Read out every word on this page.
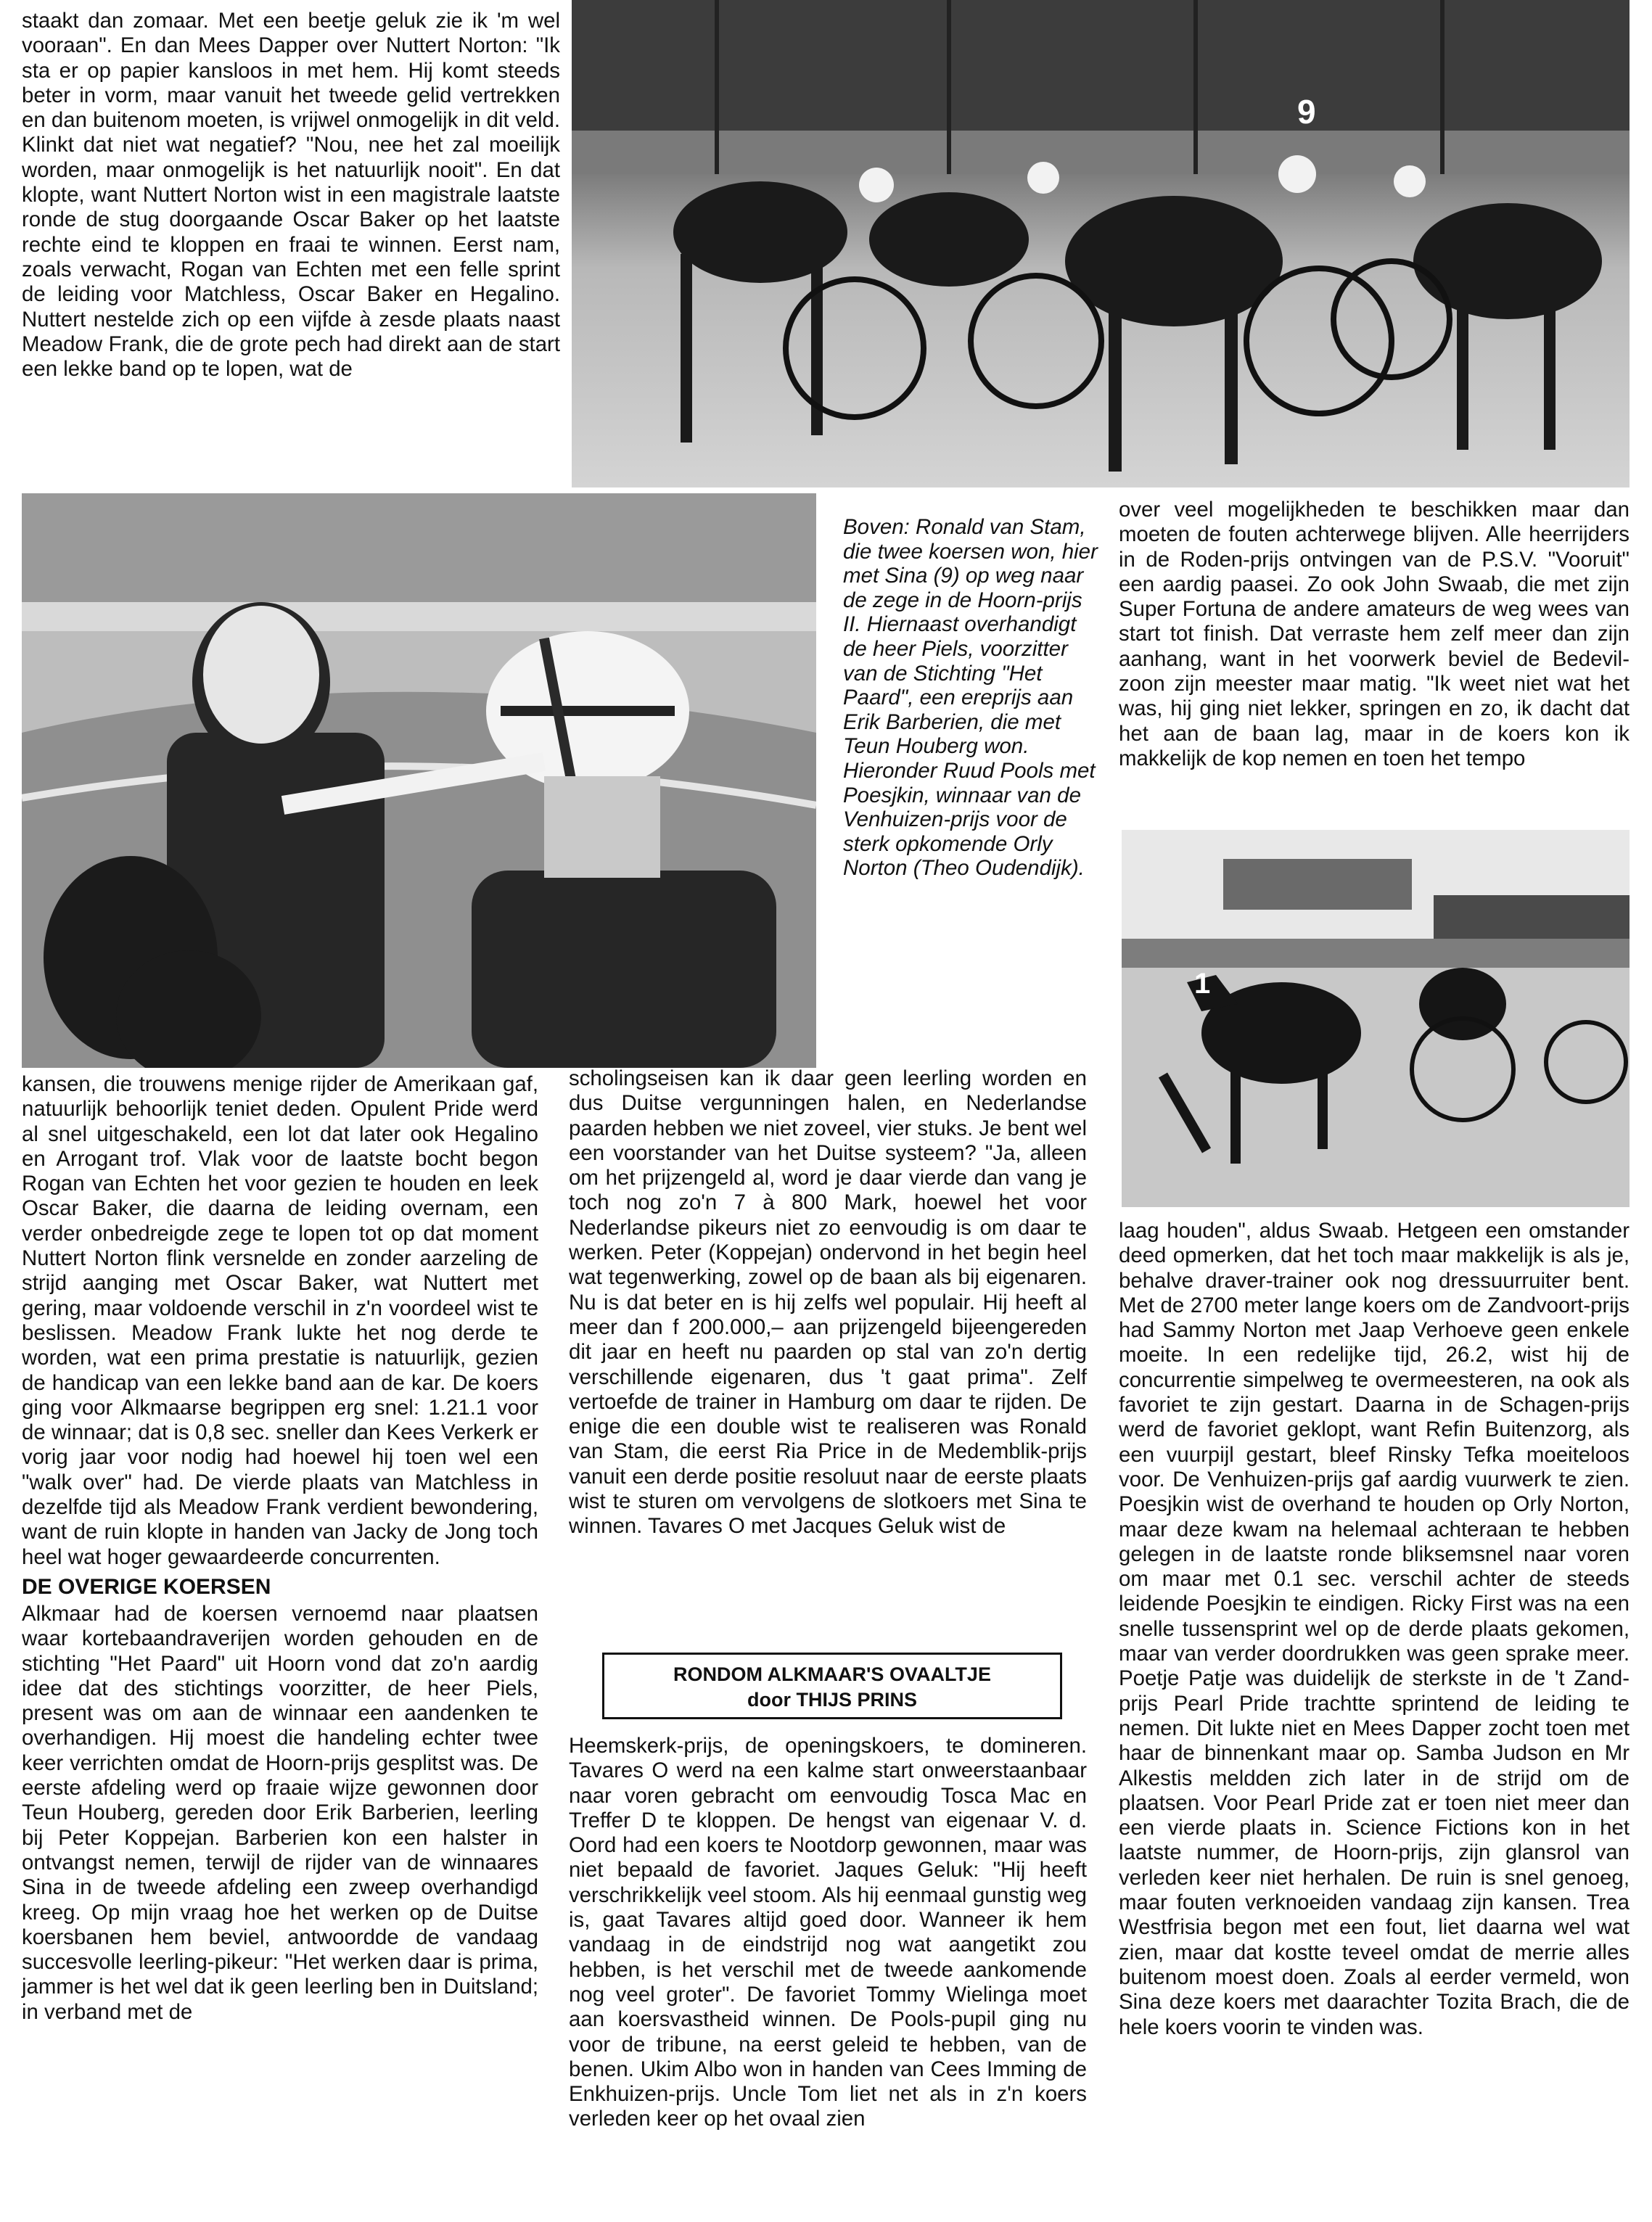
staakt dan zomaar. Met een beetje geluk zie ik 'm wel vooraan". En dan Mees Dapper over Nuttert Norton: "Ik sta er op papier kansloos in met hem. Hij komt steeds beter in vorm, maar vanuit het tweede gelid vertrekken en dan buitenom moeten, is vrijwel onmogelijk in dit veld. Klinkt dat niet wat negatief? "Nou, nee het zal moeilijk worden, maar onmogelijk is het natuurlijk nooit". En dat klopte, want Nuttert Norton wist in een magistrale laatste ronde de stug doorgaande Oscar Baker op het laatste rechte eind te kloppen en fraai te winnen. Eerst nam, zoals verwacht, Rogan van Echten met een felle sprint de leiding voor Matchless, Oscar Baker en Hegalino. Nuttert nestelde zich op een vijfde à zesde plaats naast Meadow Frank, die de grote pech had direkt aan de start een lekke band op te lopen, wat de

9

Boven: Ronald van Stam, die twee koersen won, hier met Sina (9) op weg naar de zege in de Hoorn-prijs II. Hiernaast overhandigt de heer Piels, voorzitter van de Stichting "Het Paard", een ereprijs aan Erik Barberien, die met Teun Houberg won. Hieronder Ruud Pools met Poesjkin, winnaar van de Venhuizen-prijs voor de sterk opkomende Orly Norton (Theo Oudendijk).

over veel mogelijkheden te beschikken maar dan moeten de fouten achterwege blijven. Alle heerrijders in de Roden-prijs ontvingen van de P.S.V. "Vooruit" een aardig paasei. Zo ook John Swaab, die met zijn Super Fortuna de andere amateurs de weg wees van start tot finish. Dat verraste hem zelf meer dan zijn aanhang, want in het voorwerk beviel de Bedevil-zoon zijn meester maar matig. "Ik weet niet wat het was, hij ging niet lekker, springen en zo, ik dacht dat het aan de baan lag, maar in de koers kon ik makkelijk de kop nemen en toen het tempo

1

kansen, die trouwens menige rijder de Amerikaan gaf, natuurlijk behoorlijk teniet deden. Opulent Pride werd al snel uitgeschakeld, een lot dat later ook Hegalino en Arrogant trof. Vlak voor de laatste bocht begon Rogan van Echten het voor gezien te houden en leek Oscar Baker, die daarna de leiding overnam, een verder onbedreigde zege te lopen tot op dat moment Nuttert Norton flink versnelde en zonder aarzeling de strijd aanging met Oscar Baker, wat Nuttert met gering, maar voldoende verschil in z'n voordeel wist te beslissen. Meadow Frank lukte het nog derde te worden, wat een prima prestatie is natuurlijk, gezien de handicap van een lekke band aan de kar. De koers ging voor Alkmaarse begrippen erg snel: 1.21.1 voor de winnaar; dat is 0,8 sec. sneller dan Kees Verkerk er vorig jaar voor nodig had hoewel hij toen wel een "walk over" had. De vierde plaats van Matchless in dezelfde tijd als Meadow Frank verdient bewondering, want de ruin klopte in handen van Jacky de Jong toch heel wat hoger gewaardeerde concurrenten.

DE OVERIGE KOERSEN

Alkmaar had de koersen vernoemd naar plaatsen waar kortebaandraverijen worden gehouden en de stichting "Het Paard" uit Hoorn vond dat zo'n aardig idee dat des stichtings voorzitter, de heer Piels, present was om aan de winnaar een aandenken te overhandigen. Hij moest die handeling echter twee keer verrichten omdat de Hoorn-prijs gesplitst was. De eerste afdeling werd op fraaie wijze gewonnen door Teun Houberg, gereden door Erik Barberien, leerling bij Peter Koppejan. Barberien kon een halster in ontvangst nemen, terwijl de rijder van de winnaares Sina in de tweede afdeling een zweep overhandigd kreeg. Op mijn vraag hoe het werken op de Duitse koersbanen hem beviel, antwoordde de vandaag succesvolle leerling-pikeur: "Het werken daar is prima, jammer is het wel dat ik geen leerling ben in Duitsland; in verband met de

scholingseisen kan ik daar geen leerling worden en dus Duitse vergunningen halen, en Nederlandse paarden hebben we niet zoveel, vier stuks. Je bent wel een voorstander van het Duitse systeem? "Ja, alleen om het prijzengeld al, word je daar vierde dan vang je toch nog zo'n 7 à 800 Mark, hoewel het voor Nederlandse pikeurs niet zo eenvoudig is om daar te werken. Peter (Koppejan) ondervond in het begin heel wat tegenwerking, zowel op de baan als bij eigenaren. Nu is dat beter en is hij zelfs wel populair. Hij heeft al meer dan f 200.000,– aan prijzengeld bijeengereden dit jaar en heeft nu paarden op stal van zo'n dertig verschillende eigenaren, dus 't gaat prima". Zelf vertoefde de trainer in Hamburg om daar te rijden. De enige die een double wist te realiseren was Ronald van Stam, die eerst Ria Price in de Medemblik-prijs vanuit een derde positie resoluut naar de eerste plaats wist te sturen om vervolgens de slotkoers met Sina te winnen. Tavares O met Jacques Geluk wist de

RONDOM ALKMAAR'S OVAALTJE
door THIJS PRINS

Heemskerk-prijs, de openingskoers, te domineren. Tavares O werd na een kalme start onweerstaanbaar naar voren gebracht om eenvoudig Tosca Mac en Treffer D te kloppen. De hengst van eigenaar V. d. Oord had een koers te Nootdorp gewonnen, maar was niet bepaald de favoriet. Jaques Geluk: "Hij heeft verschrikkelijk veel stoom. Als hij eenmaal gunstig weg is, gaat Tavares altijd goed door. Wanneer ik hem vandaag in de eindstrijd nog wat aangetikt zou hebben, is het verschil met de tweede aankomende nog veel groter". De favoriet Tommy Wielinga moet aan koersvastheid winnen. De Pools-pupil ging nu voor de tribune, na eerst geleid te hebben, van de benen. Ukim Albo won in handen van Cees Imming de Enkhuizen-prijs. Uncle Tom liet net als in z'n koers verleden keer op het ovaal zien

laag houden", aldus Swaab. Hetgeen een omstander deed opmerken, dat het toch maar makkelijk is als je, behalve draver-trainer ook nog dressuurruiter bent. Met de 2700 meter lange koers om de Zandvoort-prijs had Sammy Norton met Jaap Verhoeve geen enkele moeite. In een redelijke tijd, 26.2, wist hij de concurrentie simpelweg te overmeesteren, na ook als favoriet te zijn gestart. Daarna in de Schagen-prijs werd de favoriet geklopt, want Refin Buitenzorg, als een vuurpijl gestart, bleef Rinsky Tefka moeiteloos voor. De Venhuizen-prijs gaf aardig vuurwerk te zien. Poesjkin wist de overhand te houden op Orly Norton, maar deze kwam na helemaal achteraan te hebben gelegen in de laatste ronde bliksemsnel naar voren om maar met 0.1 sec. verschil achter de steeds leidende Poesjkin te eindigen. Ricky First was na een snelle tussensprint wel op de derde plaats gekomen, maar van verder doordrukken was geen sprake meer. Poetje Patje was duidelijk de sterkste in de 't Zand-prijs Pearl Pride trachtte sprintend de leiding te nemen. Dit lukte niet en Mees Dapper zocht toen met haar de binnenkant maar op. Samba Judson en Mr Alkestis meldden zich later in de strijd om de plaatsen. Voor Pearl Pride zat er toen niet meer dan een vierde plaats in. Science Fictions kon in het laatste nummer, de Hoorn-prijs, zijn glansrol van verleden keer niet herhalen. De ruin is snel genoeg, maar fouten verknoeiden vandaag zijn kansen. Trea Westfrisia begon met een fout, liet daarna wel wat zien, maar dat kostte teveel omdat de merrie alles buitenom moest doen. Zoals al eerder vermeld, won Sina deze koers met daarachter Tozita Brach, die de hele koers voorin te vinden was.
